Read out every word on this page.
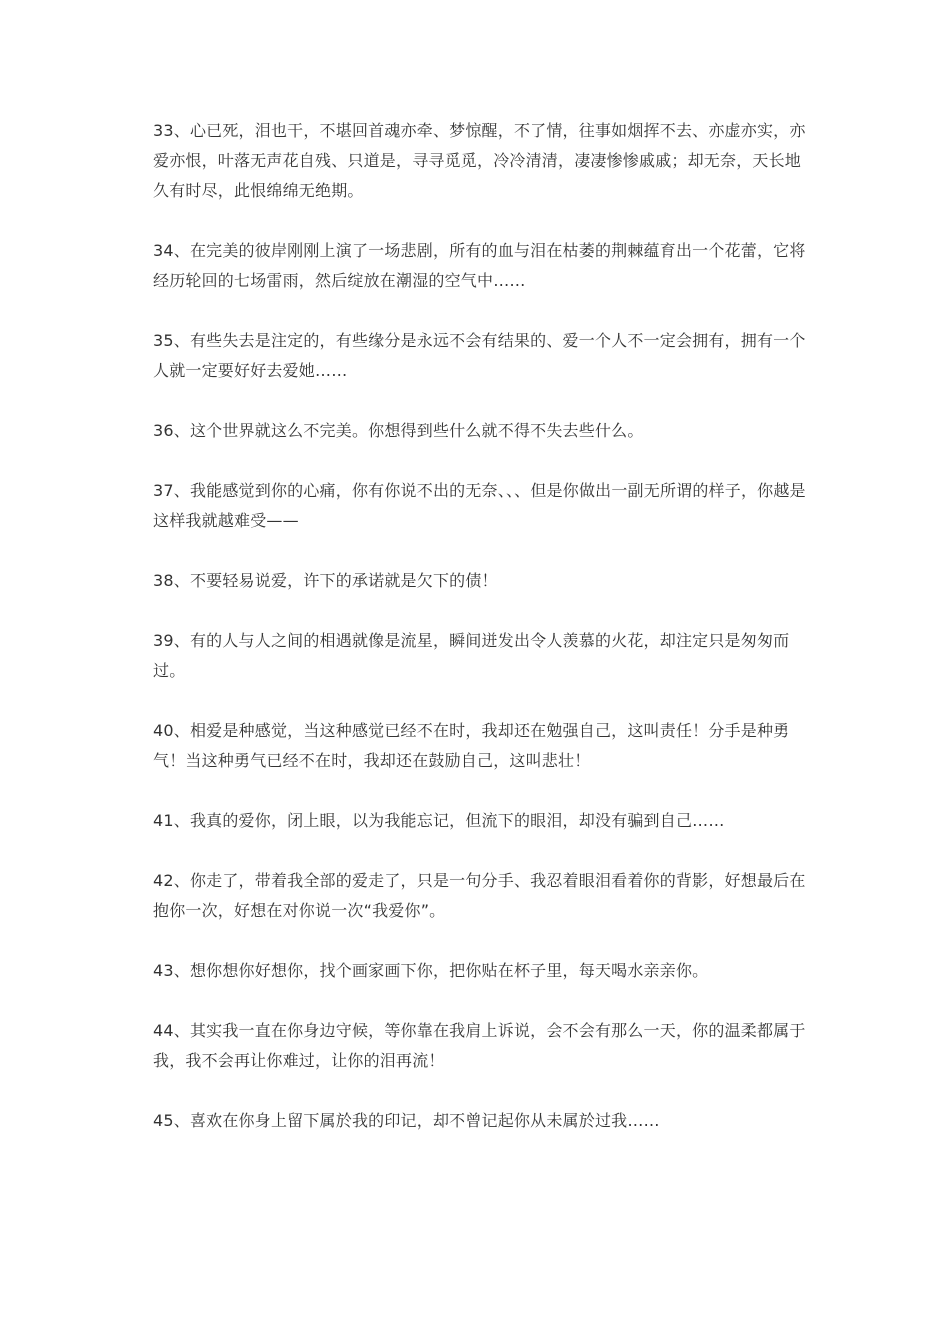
33、心已死，泪也干，不堪回首魂亦牵、梦惊醒，不了情，往事如烟挥不去、亦虚亦实，亦爱亦恨，叶落无声花自残、只道是，寻寻觅觅，冷冷清清，凄凄惨惨戚戚；却无奈，天长地久有时尽，此恨绵绵无绝期。

34、在完美的彼岸刚刚上演了一场悲剧，所有的血与泪在枯萎的荆棘蕴育出一个花蕾，它将经历轮回的七场雷雨，然后绽放在潮湿的空气中……

35、有些失去是注定的，有些缘分是永远不会有结果的、爱一个人不一定会拥有，拥有一个人就一定要好好去爱她……

36、这个世界就这么不完美。你想得到些什么就不得不失去些什么。

37、我能感觉到你的心痛，你有你说不出的无奈、、、但是你做出一副无所谓的样子，你越是这样我就越难受——

38、不要轻易说爱，许下的承诺就是欠下的债！

39、有的人与人之间的相遇就像是流星，瞬间迸发出令人羡慕的火花，却注定只是匆匆而过。

40、相爱是种感觉，当这种感觉已经不在时，我却还在勉强自己，这叫责任！分手是种勇气！当这种勇气已经不在时，我却还在鼓励自己，这叫悲壮！

41、我真的爱你，闭上眼，以为我能忘记，但流下的眼泪，却没有骗到自己……

42、你走了，带着我全部的爱走了，只是一句分手、我忍着眼泪看着你的背影，好想最后在抱你一次，好想在对你说一次“我爱你”。

43、想你想你好想你，找个画家画下你，把你贴在杯子里，每天喝水亲亲你。

44、其实我一直在你身边守候，等你靠在我肩上诉说，会不会有那么一天，你的温柔都属于我，我不会再让你难过，让你的泪再流！

45、喜欢在你身上留下属於我的印记，却不曾记起你从未属於过我……
